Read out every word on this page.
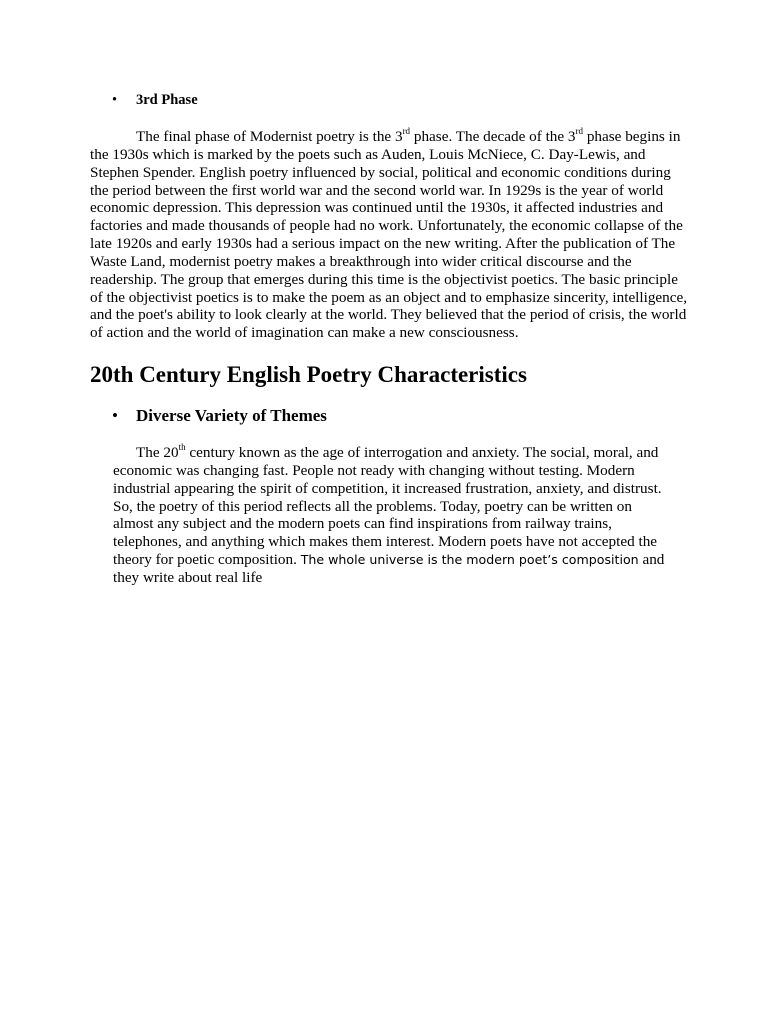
•	3rd Phase
The final phase of Modernist poetry is the 3rd phase. The decade of the 3rd phase begins in the 1930s which is marked by the poets such as Auden, Louis McNiece, C. Day-Lewis, and Stephen Spender. English poetry influenced by social, political and economic conditions during the period between the first world war and the second world war. In 1929s is the year of world economic depression. This depression was continued until the 1930s, it affected industries and factories and made thousands of people had no work. Unfortunately, the economic collapse of the late 1920s and early 1930s had a serious impact on the new writing. After the publication of The Waste Land, modernist poetry makes a breakthrough into wider critical discourse and the readership. The group that emerges during this time is the objectivist poetics. The basic principle of the objectivist poetics is to make the poem as an object and to emphasize sincerity, intelligence, and the poet's ability to look clearly at the world. They believed that the period of crisis, the world of action and the world of imagination can make a new consciousness.
20th Century English Poetry Characteristics
•	Diverse Variety of Themes
The 20th century known as the age of interrogation and anxiety. The social, moral, and economic was changing fast. People not ready with changing without testing. Modern industrial appearing the spirit of competition, it increased frustration, anxiety, and distrust. So, the poetry of this period reflects all the problems. Today, poetry can be written on almost any subject and the modern poets can find inspirations from railway trains, telephones, and anything which makes them interest. Modern poets have not accepted the theory for poetic composition. The whole universe is the modern poet’s composition and they write about real life
